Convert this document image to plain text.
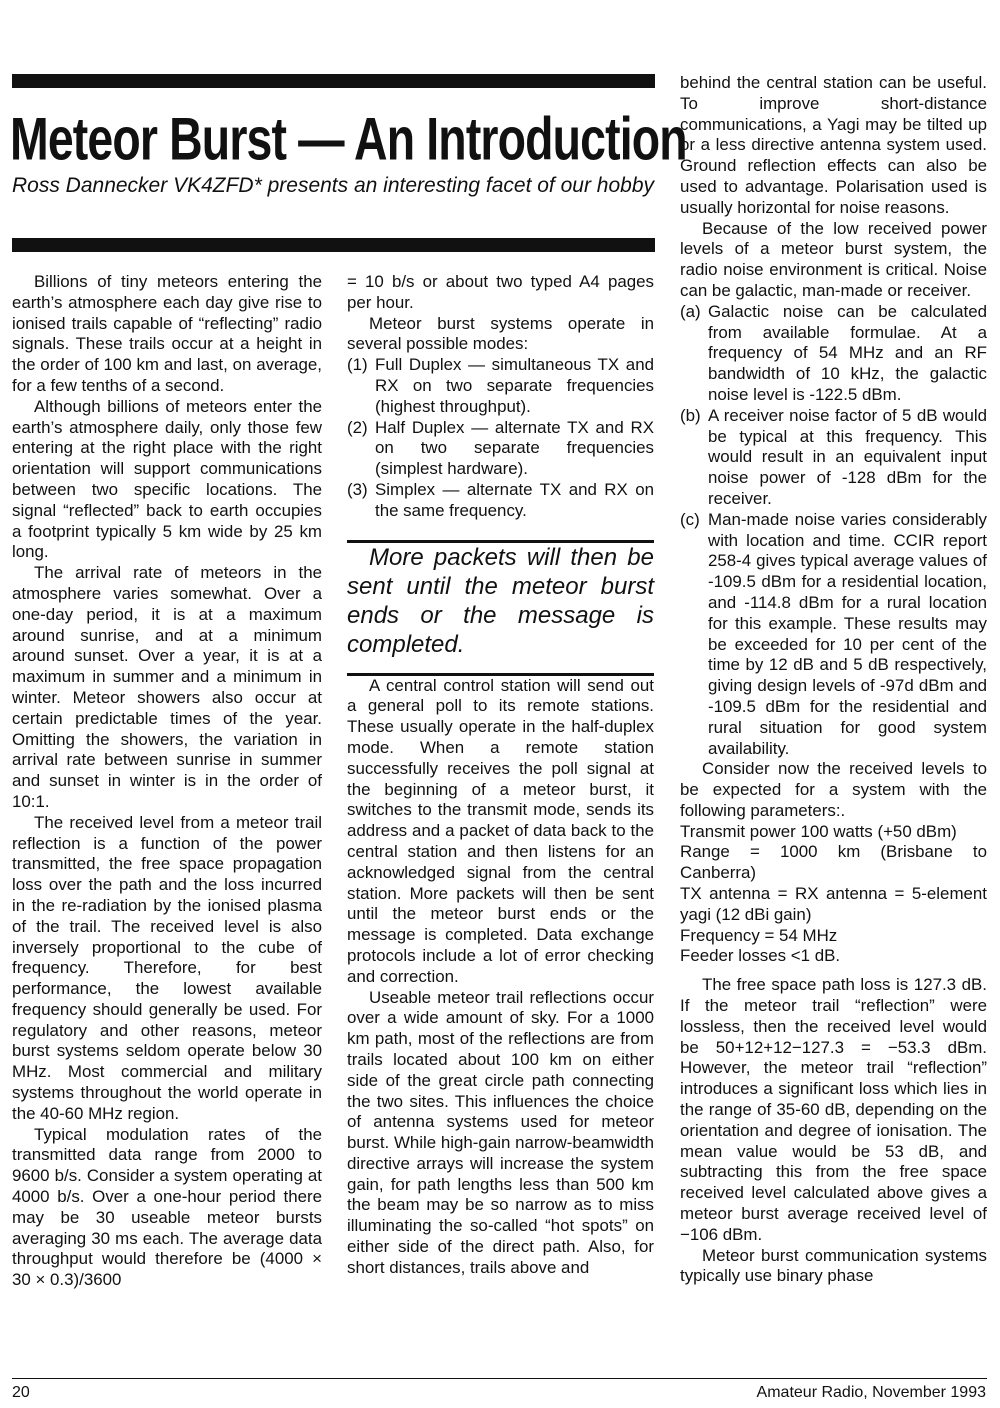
Meteor Burst — An Introduction

Ross Dannecker VK4ZFD* presents an interesting facet of our hobby

Billions of tiny meteors entering the earth’s atmosphere each day give rise to ionised trails capable of “reflecting” radio signals. These trails occur at a height in the order of 100 km and last, on average, for a few tenths of a second.

Although billions of meteors enter the earth’s atmosphere daily, only those few entering at the right place with the right orientation will support communications between two specific locations. The signal “reflected” back to earth occupies a footprint typically 5 km wide by 25 km long.

The arrival rate of meteors in the atmosphere varies somewhat. Over a one-day period, it is at a maximum around sunrise, and at a minimum around sunset. Over a year, it is at a maximum in summer and a minimum in winter. Meteor showers also occur at certain predictable times of the year. Omitting the showers, the variation in arrival rate between sunrise in summer and sunset in winter is in the order of 10:1.

The received level from a meteor trail reflection is a function of the power transmitted, the free space propagation loss over the path and the loss incurred in the re-radiation by the ionised plasma of the trail. The received level is also inversely proportional to the cube of frequency. Therefore, for best performance, the lowest available frequency should generally be used. For regulatory and other reasons, meteor burst systems seldom operate below 30 MHz. Most commercial and military systems throughout the world operate in the 40-60 MHz region.

Typical modulation rates of the transmitted data range from 2000 to 9600 b/s. Consider a system operating at 4000 b/s. Over a one-hour period there may be 30 useable meteor bursts averaging 30 ms each. The average data throughput would therefore be (4000 × 30 × 0.3)/3600

= 10 b/s or about two typed A4 pages per hour.

Meteor burst systems operate in several possible modes:

(1) Full Duplex — simultaneous TX and RX on two separate frequencies (highest throughput).
(2) Half Duplex — alternate TX and RX on two separate frequencies (simplest hardware).
(3) Simplex — alternate TX and RX on the same frequency.

More packets will then be sent until the meteor burst ends or the message is completed.

A central control station will send out a general poll to its remote stations. These usually operate in the half-duplex mode. When a remote station successfully receives the poll signal at the beginning of a meteor burst, it switches to the transmit mode, sends its address and a packet of data back to the central station and then listens for an acknowledged signal from the central station. More packets will then be sent until the meteor burst ends or the message is completed. Data exchange protocols include a lot of error checking and correction.

Useable meteor trail reflections occur over a wide amount of sky. For a 1000 km path, most of the reflections are from trails located about 100 km on either side of the great circle path connecting the two sites. This influences the choice of antenna systems used for meteor burst. While high-gain narrow-beamwidth directive arrays will increase the system gain, for path lengths less than 500 km the beam may be so narrow as to miss illuminating the so-called “hot spots” on either side of the direct path. Also, for short distances, trails above and

behind the central station can be useful. To improve short-distance communications, a Yagi may be tilted up or a less directive antenna system used. Ground reflection effects can also be used to advantage. Polarisation used is usually horizontal for noise reasons.

Because of the low received power levels of a meteor burst system, the radio noise environment is critical. Noise can be galactic, man-made or receiver.

(a) Galactic noise can be calculated from available formulae. At a frequency of 54 MHz and an RF bandwidth of 10 kHz, the galactic noise level is -122.5 dBm.
(b) A receiver noise factor of 5 dB would be typical at this frequency. This would result in an equivalent input noise power of -128 dBm for the receiver.
(c) Man-made noise varies considerably with location and time. CCIR report 258-4 gives typical average values of -109.5 dBm for a residential location, and -114.8 dBm for a rural location for this example. These results may be exceeded for 10 per cent of the time by 12 dB and 5 dB respectively, giving design levels of -97d dBm and -109.5 dBm for the residential and rural situation for good system availability.

Consider now the received levels to be expected for a system with the following parameters:.

Transmit power 100 watts (+50 dBm)

Range = 1000 km (Brisbane to Canberra)

TX antenna = RX antenna = 5-element yagi (12 dBi gain)

Frequency = 54 MHz

Feeder losses <1 dB.

The free space path loss is 127.3 dB. If the meteor trail “reflection” were lossless, then the received level would be 50+12+12−127.3 = −53.3 dBm. However, the meteor trail “reflection” introduces a significant loss which lies in the range of 35-60 dB, depending on the orientation and degree of ionisation. The mean value would be 53 dB, and subtracting this from the free space received level calculated above gives a meteor burst average received level of −106 dBm.

Meteor burst communication systems typically use binary phase

20	Amateur Radio, November 1993
